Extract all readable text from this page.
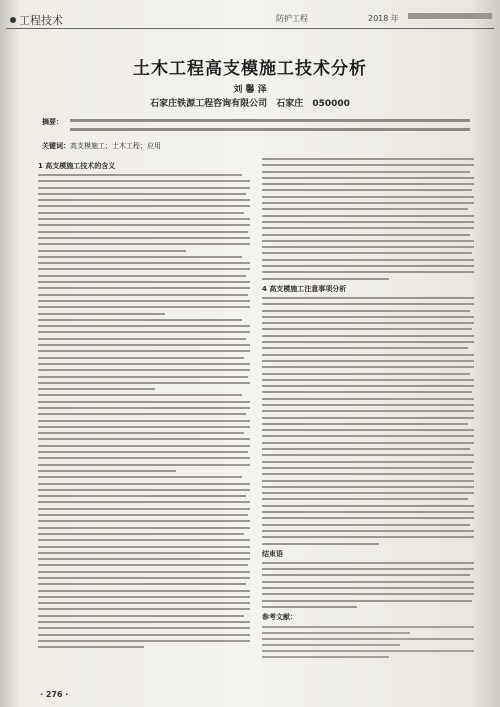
工程技术	防护工程	2018 年
土木工程高支模施工技术分析
刘 馨 泽
石家庄铁源工程咨询有限公司 石家庄 050000
摘要：
关键词：高支模施工；土木工程；应用
1 高支模施工技术的含义
4 高支模施工注意事项分析
结束语
参考文献：
· 276 ·
